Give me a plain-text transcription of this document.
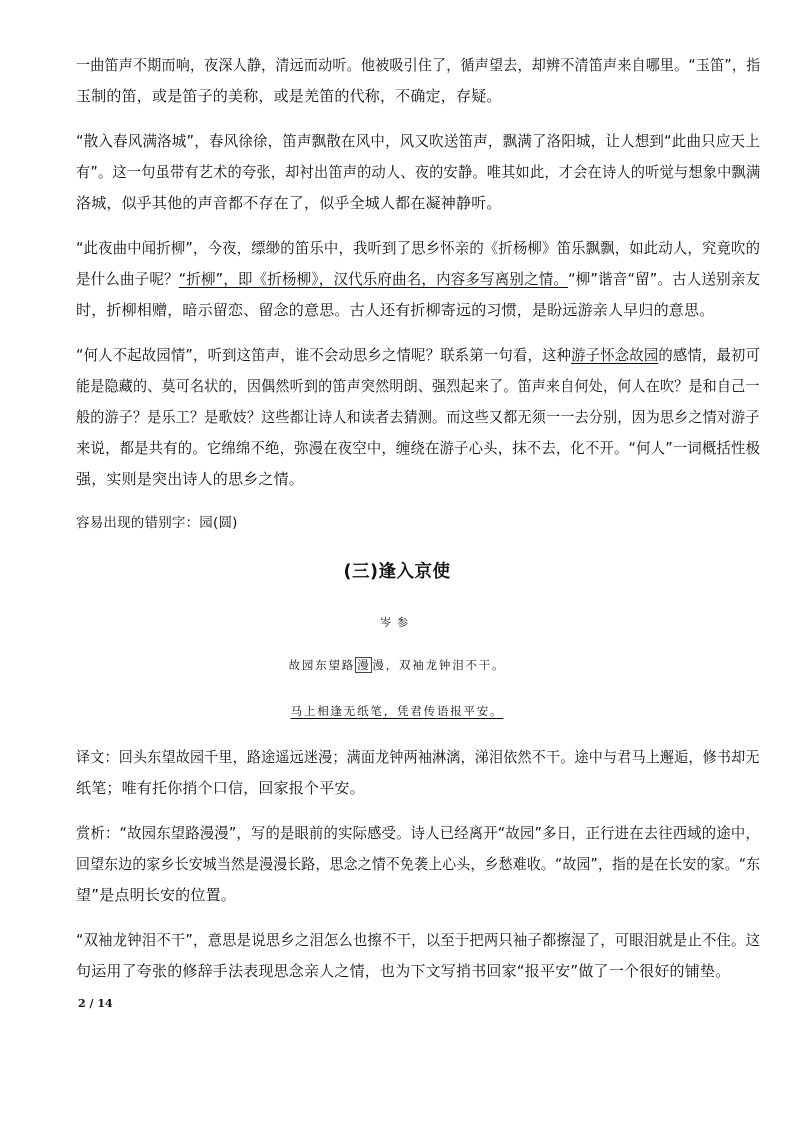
一曲笛声不期而响，夜深人静，清远而动听。他被吸引住了，循声望去，却辨不清笛声来自哪里。“玉笛”，指
玉制的笛，或是笛子的美称，或是羌笛的代称，不确定，存疑。

“散入春风满洛城”，春风徐徐，笛声飘散在风中，风又吹送笛声，飘满了洛阳城，让人想到“此曲只应天上
有”。这一句虽带有艺术的夸张，却衬出笛声的动人、夜的安静。唯其如此，才会在诗人的听觉与想象中飘满
洛城，似乎其他的声音都不存在了，似乎全城人都在凝神静听。

“此夜曲中闻折柳”，今夜，缥缈的笛乐中，我听到了思乡怀亲的《折杨柳》笛乐飘飘，如此动人，究竟吹的
是什么曲子呢？“折柳”，即《折杨柳》，汉代乐府曲名，内容多写离别之情。“柳”谐音“留”。古人送别亲友
时，折柳相赠，暗示留恋、留念的意思。古人还有折柳寄远的习惯，是盼远游亲人早归的意思。

“何人不起故园情”，听到这笛声，谁不会动思乡之情呢？联系第一句看，这种游子怀念故园的感情，最初可
能是隐藏的、莫可名状的，因偶然听到的笛声突然明朗、强烈起来了。笛声来自何处，何人在吹？是和自己一
般的游子？是乐工？是歌妓？这些都让诗人和读者去猜测。而这些又都无须一一去分别，因为思乡之情对游子
来说，都是共有的。它绵绵不绝，弥漫在夜空中，缠绕在游子心头，抹不去，化不开。“何人”一词概括性极
强，实则是突出诗人的思乡之情。

容易出现的错别字：园(圆)

(三)逢入京使
岑参
故园东望路 漫 漫，双袖龙钟泪不干。
马上相逢无纸笔，凭君传语报平安。

译文：回头东望故园千里，路途遥远迷漫；满面龙钟两袖淋漓，涕泪依然不干。途中与君马上邂逅，修书却无
纸笔；唯有托你捎个口信，回家报个平安。

赏析：“故园东望路漫漫”，写的是眼前的实际感受。诗人已经离开“故园”多日，正行进在去往西域的途中，
回望东边的家乡长安城当然是漫漫长路，思念之情不免袭上心头，乡愁难收。“故园”，指的是在长安的家。“东
望”是点明长安的位置。

“双袖龙钟泪不干”，意思是说思乡之泪怎么也擦不干，以至于把两只袖子都擦湿了，可眼泪就是止不住。这
句运用了夸张的修辞手法表现思念亲人之情，也为下文写捎书回家“报平安”做了一个很好的铺垫。

2 / 14
